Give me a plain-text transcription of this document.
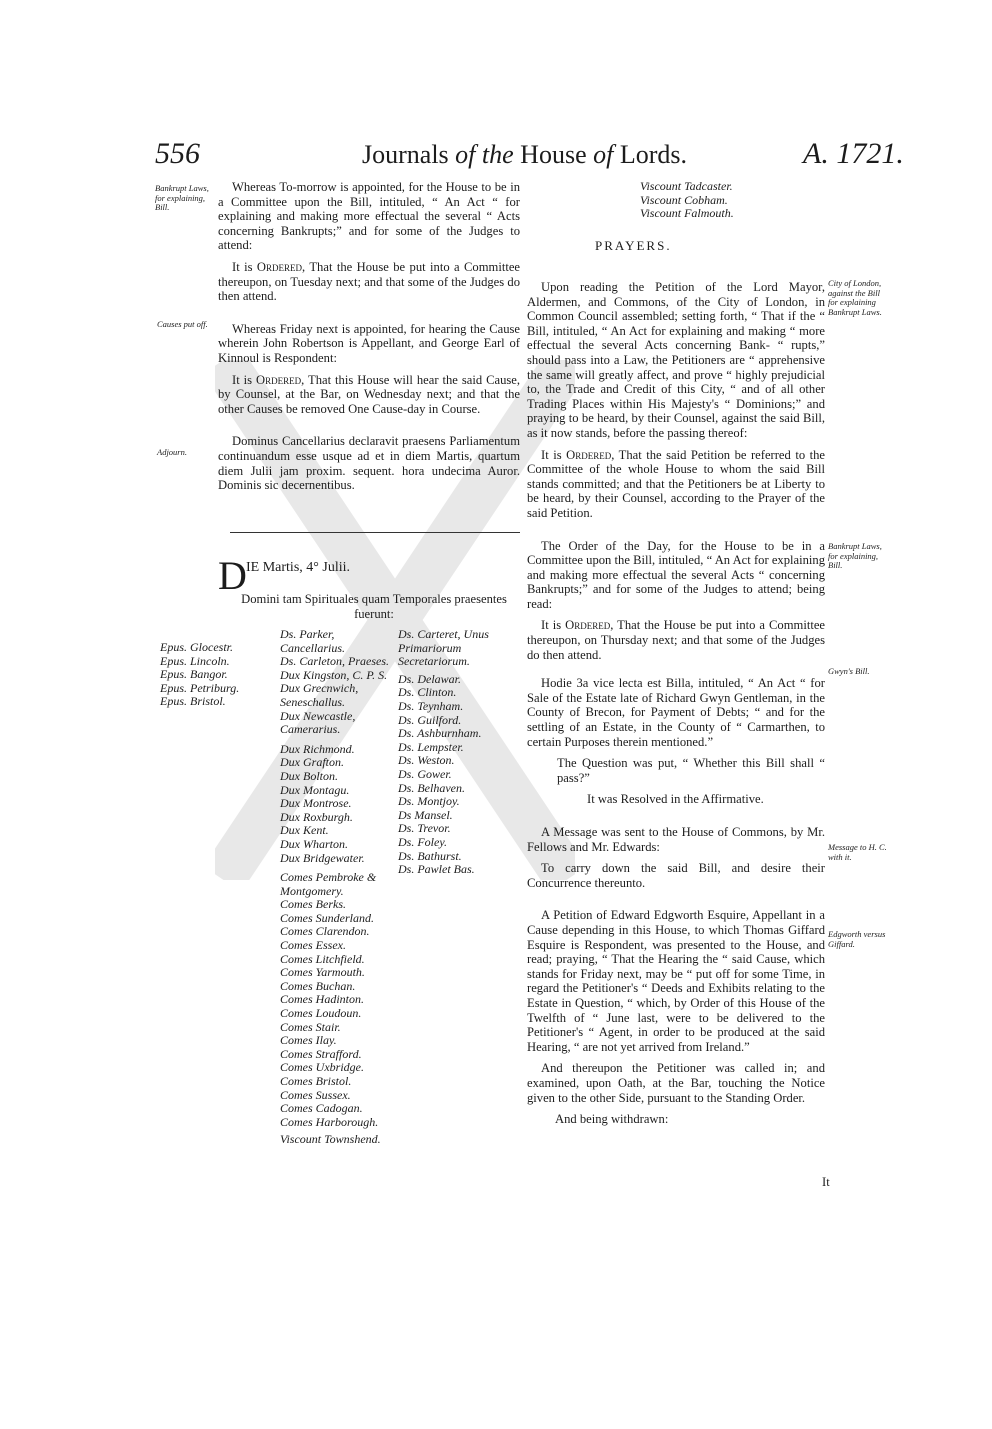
556	Journals of the House of Lords.	A. 1721.
Bankrupt Laws, for explaining, Bill.
Causes put off.
Adjourn.

Whereas To-morrow is appointed, for the House to be in a Committee upon the Bill, intituled, “ An Act “ for explaining and making more effectual the several “ Acts concerning Bankrupts;” and for some of the Judges to attend:

It is Ordered, That the House be put into a Committee thereupon, on Tuesday next; and that some of the Judges do then attend.

Whereas Friday next is appointed, for hearing the Cause wherein John Robertson is Appellant, and George Earl of Kinnoul is Respondent:

It is Ordered, That this House will hear the said Cause, by Counsel, at the Bar, on Wednesday next; and that the other Causes be removed One Cause-day in Course.

Dominus Cancellarius declaravit praesens Parliamentum continuandum esse usque ad et in diem Martis, quartum diem Julii jam proxim. sequent. hora undecima Auror. Dominis sic decernentibus.

D IE Martis, 4° Julii.
Domini tam Spirituales quam Temporales praesentes fuerunt:
Epus. Glocestr.
Epus. Lincoln.
Epus. Bangor.
Epus. Petriburg.
Epus. Bristol.
Ds. Parker, Cancellarius.
Ds. Carleton, Praeses.
Dux Kingston, C. P. S.
Dux Grecnwich, Seneschallus.
Dux Newcastle, Camerarius.
Dux Richmond.
Dux Grafton.
Dux Bolton.
Dux Montagu.
Dux Montrose.
Dux Roxburgh.
Dux Kent.
Dux Wharton.
Dux Bridgewater.
Comes Pembroke & Montgomery.
Comes Berks.
Comes Sunderland.
Comes Clarendon.
Comes Essex.
Comes Litchfield.
Comes Yarmouth.
Comes Buchan.
Comes Hadinton.
Comes Loudoun.
Comes Stair.
Comes Ilay.
Comes Strafford.
Comes Uxbridge.
Comes Bristol.
Comes Sussex.
Comes Cadogan.
Comes Harborough.
Viscount Townshend.
Ds. Carteret, Unus Primariorum Secretariorum.
Ds. Delawar.
Ds. Clinton.
Ds. Teynham.
Ds. Guilford.
Ds. Ashburnham.
Ds. Lempster.
Ds. Weston.
Ds. Gower.
Ds. Belhaven.
Ds. Montjoy.
Ds Mansel.
Ds. Trevor.
Ds. Foley.
Ds. Bathurst.
Ds. Pawlet Bas.
Viscount Tadcaster.
Viscount Cobham.
Viscount Falmouth.
PRAYERS.
City of London, against the Bill for explaining Bankrupt Laws.
Bankrupt Laws, for explaining, Bill.
Gwyn's Bill.
Message to H. C. with it.
Edgworth versus Giffard.

Upon reading the Petition of the Lord Mayor, Aldermen, and Commons, of the City of London, in Common Council assembled; setting forth, “ That if the “ Bill, intituled, “ An Act for explaining and making “ more effectual the several Acts concerning Bank- “ rupts,” should pass into a Law, the Petitioners are “ apprehensive the same will greatly affect, and prove “ highly prejudicial to, the Trade and Credit of this City, “ and of all other Trading Places within His Majesty's “ Dominions;” and praying to be heard, by their Counsel, against the said Bill, as it now stands, before the passing thereof:

It is Ordered, That the said Petition be referred to the Committee of the whole House to whom the said Bill stands committed; and that the Petitioners be at Liberty to be heard, by their Counsel, according to the Prayer of the said Petition.

The Order of the Day, for the House to be in a Committee upon the Bill, intituled, “ An Act for explaining and making more effectual the several Acts “ concerning Bankrupts;” and for some of the Judges to attend; being read:

It is Ordered, That the House be put into a Committee thereupon, on Thursday next; and that some of the Judges do then attend.

Hodie 3a vice lecta est Billa, intituled, “ An Act “ for Sale of the Estate late of Richard Gwyn Gentleman, in the County of Brecon, for Payment of Debts; “ and for the settling of an Estate, in the County of “ Carmarthen, to certain Purposes therein mentioned.”

The Question was put, “ Whether this Bill shall “ pass?”

It was Resolved in the Affirmative.

A Message was sent to the House of Commons, by Mr. Fellows and Mr. Edwards:

To carry down the said Bill, and desire their Concurrence thereunto.

A Petition of Edward Edgworth Esquire, Appellant in a Cause depending in this House, to which Thomas Giffard Esquire is Respondent, was presented to the House, and read; praying, “ That the Hearing the “ said Cause, which stands for Friday next, may be “ put off for some Time, in regard the Petitioner's “ Deeds and Exhibits relating to the Estate in Question, “ which, by Order of this House of the Twelfth of “ June last, were to be delivered to the Petitioner's “ Agent, in order to be produced at the said Hearing, “ are not yet arrived from Ireland.”

And thereupon the Petitioner was called in; and examined, upon Oath, at the Bar, touching the Notice given to the other Side, pursuant to the Standing Order.

And being withdrawn:

It
